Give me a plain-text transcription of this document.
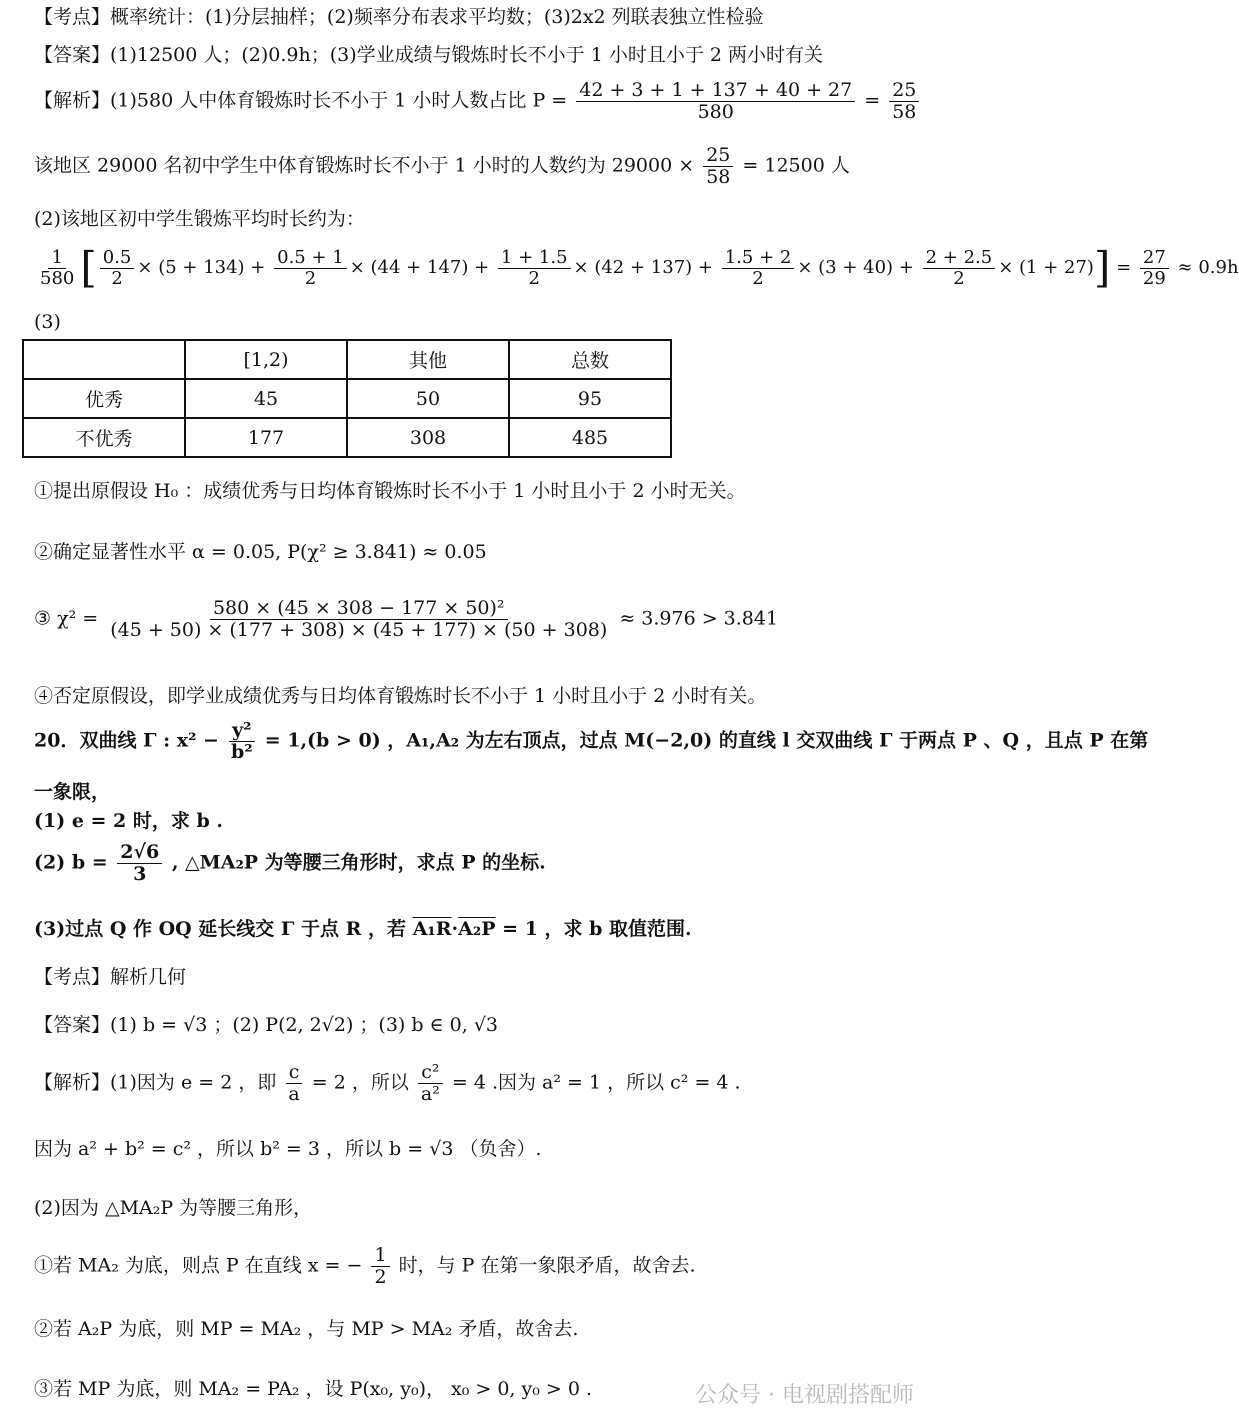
【考点】概率统计：(1)分层抽样；(2)频率分布表求平均数；(3)2x2 列联表独立性检验
【答案】(1)12500 人；(2)0.9h；(3)学业成绩与锻炼时长不小于 1 小时且小于 2 两小时有关
【解析】(1)580 人中体育锻炼时长不小于 1 小时人数占比 $P = \frac{42 + 3 + 1 + 137 + 40 + 27}{580} = \frac{25}{58}$
该地区 29000 名初中学生中体育锻炼时长不小于 1 小时的人数约为 $29000 \times \frac{25}{58} = 12500$ 人
(2)该地区初中学生锻炼平均时长约为：
$\frac{1}{580}$ [ $\frac{0.5}{2} \times (5 + 134) + \frac{0.5 + 1}{2} \times (44 + 147) + \frac{1 + 1.5}{2} \times (42 + 137) + \frac{1.5 + 2}{2} \times (3 + 40) + \frac{2 + 2.5}{2} \times (1 + 27)] = \frac{27}{29} \approx 0.9h$
(3)
	[1,2)	其他	总数
优秀	45	50	95
不优秀	177	308	485
①提出原假设 H₀ ：成绩优秀与日均体育锻炼时长不小于 1 小时且小于 2 小时无关。
②确定显著性水平 α = 0.05, P(χ² ≥ 3.841) ≈ 0.05
③ $\chi^2 = \frac{\text{580 × (45 × 308 − 177 × 50)²}}{(45 + 50) \times (177 + 308) \times (45 + 177) \times (50 + 308)} \approx 3.976 > 3.841$
④否定原假设，即学业成绩优秀与日均体育锻炼时长不小于 1 小时且小于 2 小时有关。
20．双曲线 Γ : $x^2 - \frac{\text{y²}}{\text{b²}} = 1,(b > 0)$ ，A₁,A₂ 为左右顶点，过点 M(−2,0) 的直线 l 交双曲线 Γ 于两点 P 、Q ，且点 P 在第
一象限，
(1) e = 2 时，求 b .
(2) $b = \frac{2√6}{3}$ , △MA₂P 为等腰三角形时，求点 P 的坐标.
(3)过点 Q 作 OQ 延长线交 Γ 于点 R ，若 A₁R·A₂P = 1 ，求 b 取值范围.
【考点】解析几何
【答案】(1) b = √3 ；(2) P(2, 2√2) ；(3) b ∈ 0, √3
【解析】(1)因为 e = 2 ，即 $\frac{c}{a} = 2$ ，所以 $\frac{\text{c²}}{\text{a²}} = 4$ .因为 a² = 1 ，所以 c² = 4 .
因为 a² + b² = c² ，所以 b² = 3 ，所以 b = √3 （负舍）.
(2)因为 △MA₂P 为等腰三角形，
①若 MA₂ 为底，则点 P 在直线 x = − $\frac{1}{2}$ 时，与 P 在第一象限矛盾，故舍去.
②若 A₂P 为底，则 MP = MA₂ ，与 MP > MA₂ 矛盾，故舍去.
③若 MP 为底，则 MA₂ = PA₂ ，设 P(x₀, y₀)， x₀ > 0, y₀ > 0 .	公众号 · 电视剧搭配师
